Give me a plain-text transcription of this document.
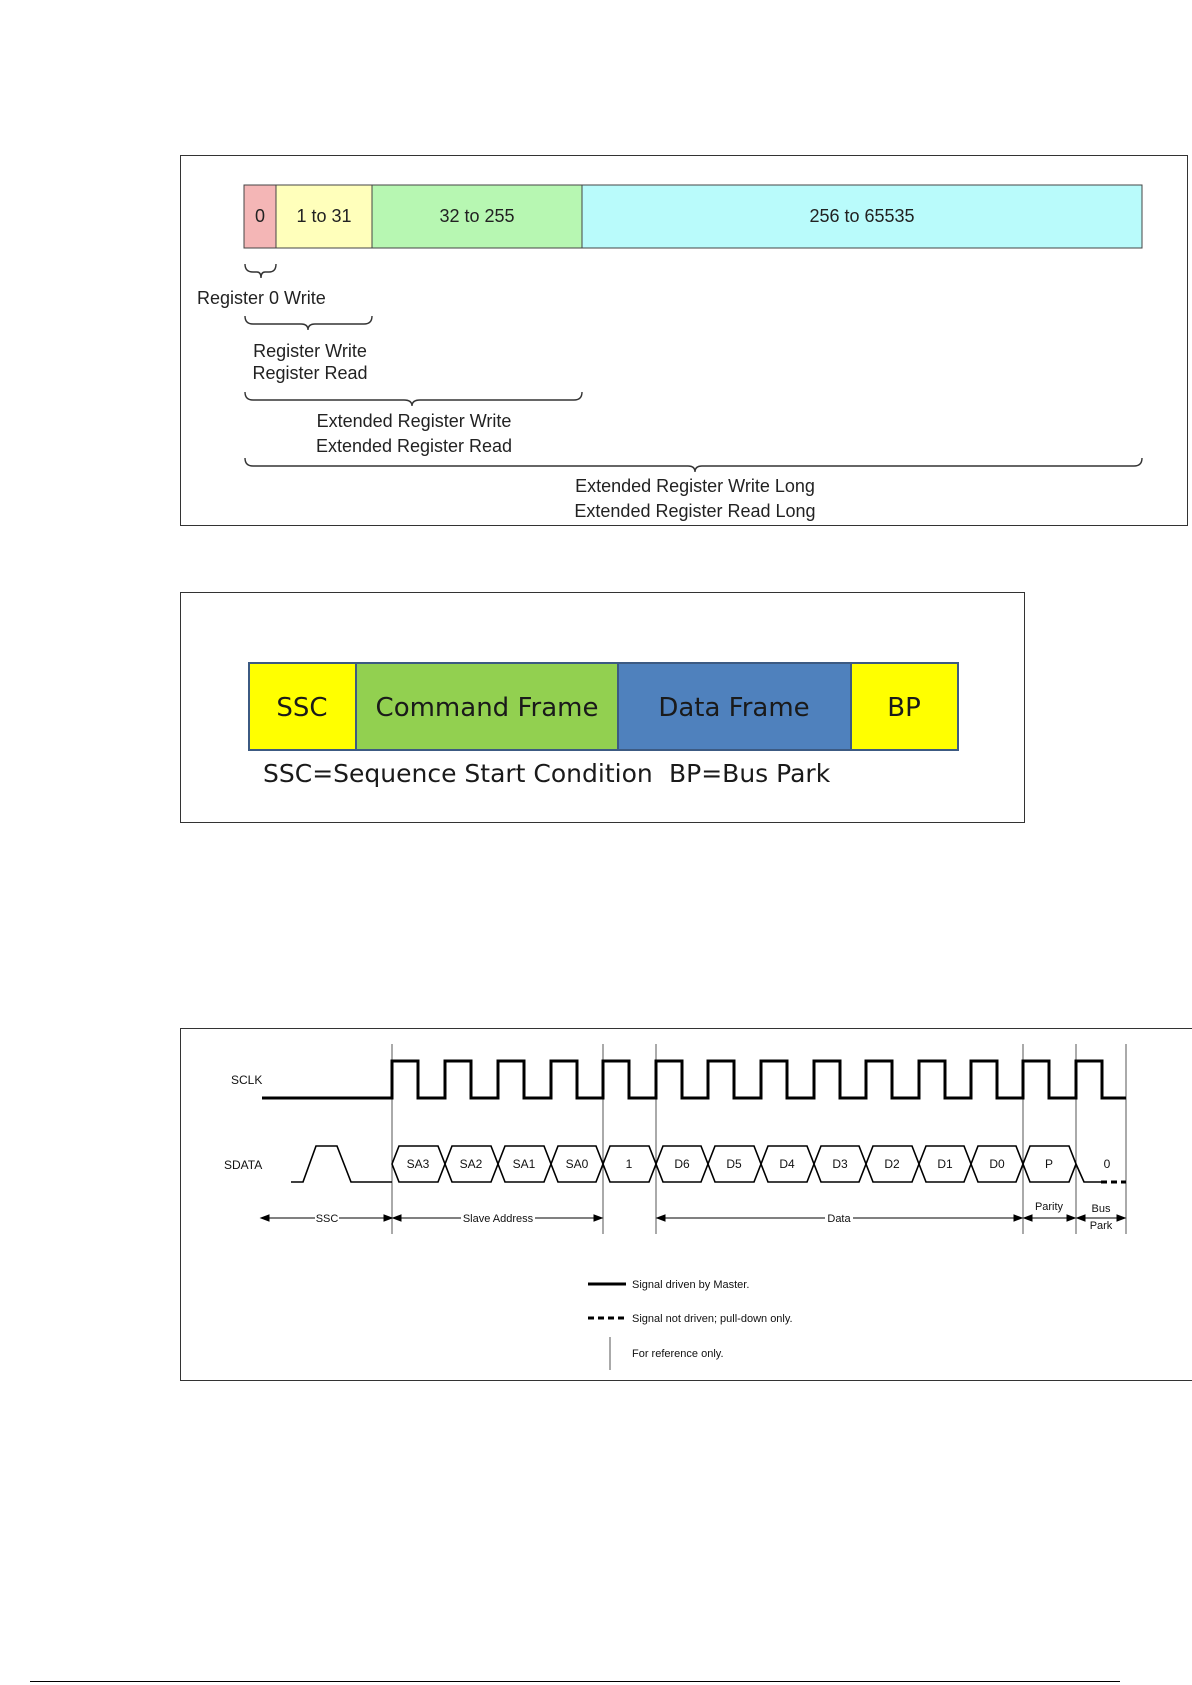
0 1 to 31	32 to 255	256 to 65535
Register 0 Write
Register Write
Register Read
Extended Register Write
Extended Register Read
Extended Register Write Long
Extended Register Read Long
SSC Command Frame Data Frame	BP
SSC=Sequence Start Condition BP=Bus Park
SCLK
SDATA	SA3	SA2	SA1	SA0	1	D6	D5	D4	D3	D2	D1	D0	P	0
SSC	Slave Address	Data
Parity	Bus
Park
Signal driven by Master.
Signal not driven; pull-down only.
For reference only.
